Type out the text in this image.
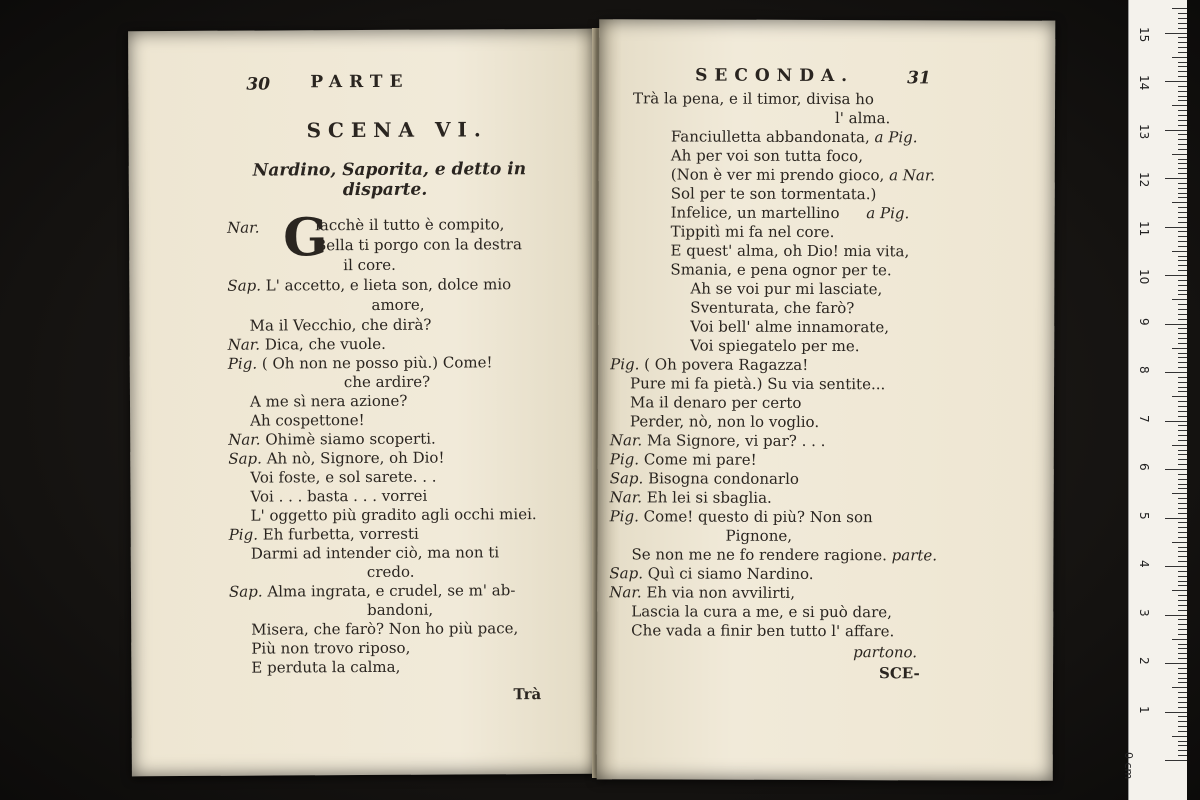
30 PARTE
SCENA VI.
Nardino, Saporita, e detto in
disparte.
G
Nar.	iacchè il tutto è compito,
Bella ti porgo con la destra
il core.
Sap. L' accetto, e lieta son, dolce mio
amore,
Ma il Vecchio, che dirà?
Nar. Dica, che vuole.
Pig. ( Oh non ne posso più.) Come!
che ardire?
A me sì nera azione?
Ah cospettone!
Nar. Ohimè siamo scoperti.
Sap. Ah nò, Signore, oh Dio!
Voi foste, e sol sarete. . .
Voi . . . basta . . . vorrei
L' oggetto più gradito agli occhi miei.
Pig. Eh furbetta, vorresti
Darmi ad intender ciò, ma non ti
credo.
Sap. Alma ingrata, e crudel, se m' ab-
bandoni,
Misera, che farò? Non ho più pace,
Più non trovo riposo,
E perduta la calma,
Trà
SECONDA.	31
Trà la pena, e il timor, divisa ho
l' alma.
Fanciulletta abbandonata, a Pig.
Ah per voi son tutta foco,
(Non è ver mi prendo gioco, a Nar.
Sol per te son tormentata.)
Infelice, un martellino a Pig.
Tippitì mi fa nel core.
E quest' alma, oh Dio! mia vita,
Smania, e pena ognor per te.
Ah se voi pur mi lasciate,
Sventurata, che farò?
Voi bell' alme innamorate,
Voi spiegatelo per me.
Pig. ( Oh povera Ragazza!
Pure mi fa pietà.) Su via sentite...
Ma il denaro per certo
Perder, nò, non lo voglio.
Nar. Ma Signore, vi par? . . .
Pig. Come mi pare!
Sap. Bisogna condonarlo
Nar. Eh lei si sbaglia.
Pig. Come! questo di più? Non son
Pignone,
Se non me ne fo rendere ragione. parte.
Sap. Quì ci siamo Nardino.
Nar. Eh via non avvilirti,
Lascia la cura a me, e si può dare,
Che vada a finir ben tutto l' affare.
partono.
SCE-
0 cm
1
2
3
4
5
6
7
8
9
10
11
12
13
14
15
